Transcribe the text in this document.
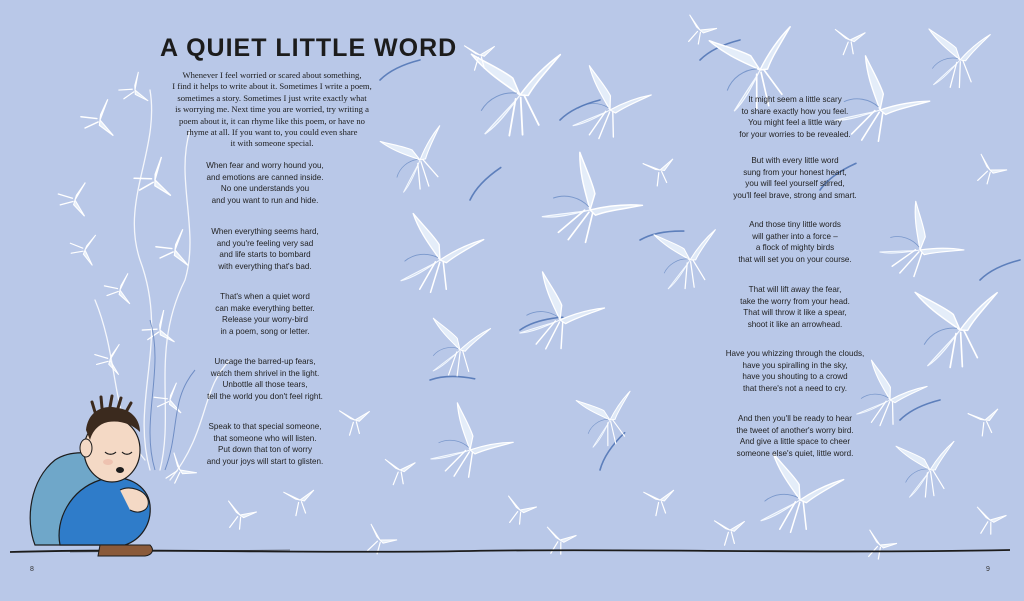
A QUIET LITTLE WORD
Whenever I feel worried or scared about something,
I find it helps to write about it. Sometimes I write a poem,
sometimes a story. Sometimes I just write exactly what
is worrying me. Next time you are worried, try writing a
poem about it, it can rhyme like this poem, or have no
rhyme at all. If you want to, you could even share
it with someone special.
When fear and worry hound you,
and emotions are canned inside.
No one understands you
and you want to run and hide.
When everything seems hard,
and you're feeling very sad
and life starts to bombard
with everything that's bad.
That's when a quiet word
can make everything better.
Release your worry-bird
in a poem, song or letter.
Uncage the barred-up fears,
watch them shrivel in the light.
Unbottle all those tears,
tell the world you don't feel right.
Speak to that special someone,
that someone who will listen.
Put down that ton of worry
and your joys will start to glisten.
It might seem a little scary
to share exactly how you feel.
You might feel a little wary
for your worries to be revealed.
But with every little word
sung from your honest heart,
you will feel yourself stirred,
you'll feel brave, strong and smart.
And those tiny little words
will gather into a force –
a flock of mighty birds
that will set you on your course.
That will lift away the fear,
take the worry from your head.
That will throw it like a spear,
shoot it like an arrowhead.
Have you whizzing through the clouds,
have you spiralling in the sky,
have you shouting to a crowd
that there's not a need to cry.
And then you'll be ready to hear
the tweet of another's worry bird.
And give a little space to cheer
someone else's quiet, little word.
8	9
